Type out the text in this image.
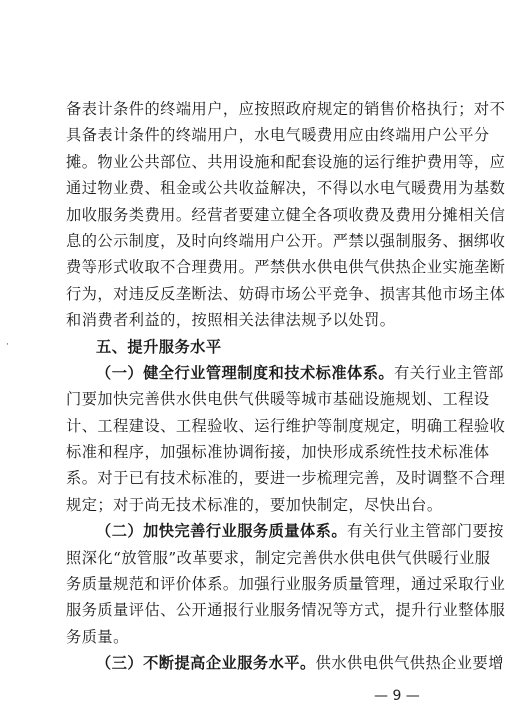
·
备表计条件的终端用户，应按照政府规定的销售价格执行；对不
具备表计条件的终端用户，水电气暖费用应由终端用户公平分
摊。物业公共部位、共用设施和配套设施的运行维护费用等，应
通过物业费、租金或公共收益解决，不得以水电气暖费用为基数
加收服务类费用。经营者要建立健全各项收费及费用分摊相关信
息的公示制度，及时向终端用户公开。严禁以强制服务、捆绑收
费等形式收取不合理费用。严禁供水供电供气供热企业实施垄断
行为，对违反反垄断法、妨碍市场公平竞争、损害其他市场主体
和消费者利益的，按照相关法律法规予以处罚。
五、提升服务水平
（一）健全行业管理制度和技术标准体系。有关行业主管部
门要加快完善供水供电供气供暖等城市基础设施规划、工程设
计、工程建设、工程验收、运行维护等制度规定，明确工程验收
标准和程序，加强标准协调衔接，加快形成系统性技术标准体
系。对于已有技术标准的，要进一步梳理完善，及时调整不合理
规定；对于尚无技术标准的，要加快制定，尽快出台。
（二）加快完善行业服务质量体系。有关行业主管部门要按
照深化“放管服”改革要求，制定完善供水供电供气供暖行业服
务质量规范和评价体系。加强行业服务质量管理，通过采取行业
服务质量评估、公开通报行业服务情况等方式，提升行业整体服
务质量。
（三）不断提高企业服务水平。供水供电供气供热企业要增
— 9 —
